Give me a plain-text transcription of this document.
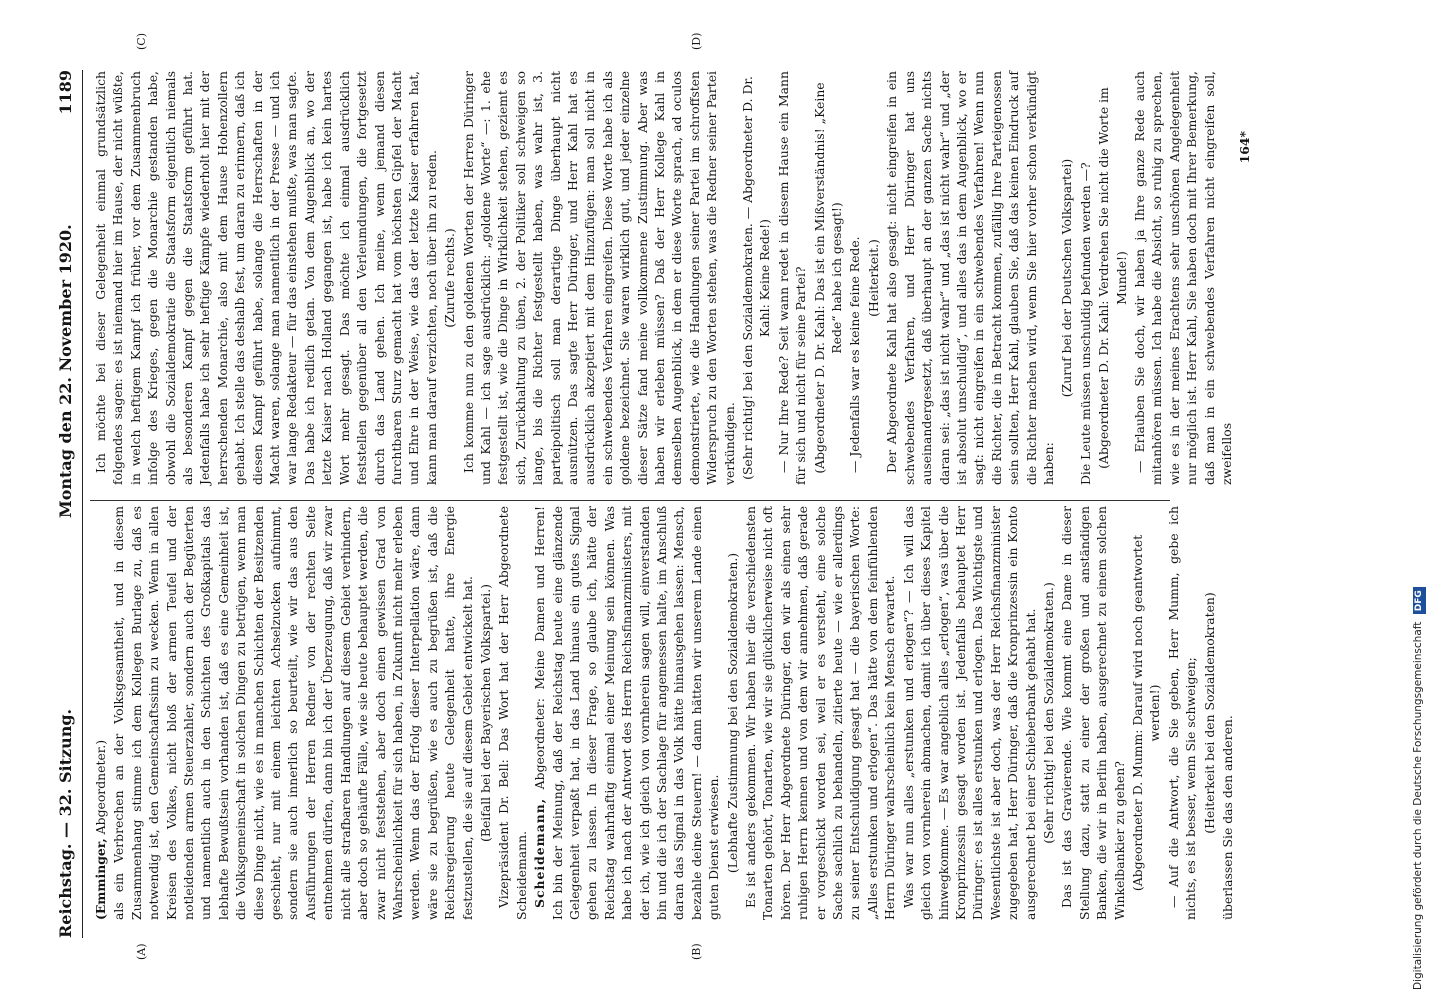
Reichstag. — 32. Sitzung.
Montag den 22. November 1920.
1189
(A)	(B)
(C)	(D)

(Emminger, Abgeordneter.) als ein Verbrechen an der Volksgesamtheit, und in diesem Zusammenhang stimme ich dem Kollegen Burlage zu, daß es notwendig ist, den Gemeinschaftssinn zu wecken. Wenn in allen Kreisen des Volkes, nicht bloß der armen Teufel und der notleidenden armen Steuerzahler, sondern auch der Begüterten und namentlich auch in den Schichten des Großkapitals das lebhafte Bewußtsein vorhanden ist, daß es eine Gemeinheit ist, die Volksgemeinschaft in solchen Dingen zu betrügen, wenn man diese Dinge nicht, wie es in manchen Schichten der Besitzenden geschieht, nur mit einem leichten Achselzucken aufnimmt, sondern sie auch innerlich so beurteilt, wie wir das aus den Ausführungen der Herren Redner von der rechten Seite entnehmen dürfen, dann bin ich der Überzeugung, daß wir zwar nicht alle strafbaren Handlungen auf diesem Gebiet verhindern, aber doch so gehäufte Fälle, wie sie heute behauptet werden, die zwar nicht feststehen, aber doch einen gewissen Grad von Wahrscheinlichkeit für sich haben, in Zukunft nicht mehr erleben werden. Wenn das der Erfolg dieser Interpellation wäre, dann wäre sie zu begrüßen, wie es auch zu begrüßen ist, daß die Reichsregierung heute Gelegenheit hatte, ihre Energie festzustellen, die sie auf diesem Gebiet entwickelt hat. (Beifall bei der Bayerischen Volkspartei.) Vizepräsident Dr. Bell: Das Wort hat der Herr Abgeordnete Scheidemann. Scheidemann, Abgeordneter: Meine Damen und Herren! Ich bin der Meinung, daß der Reichstag heute eine glänzende Gelegenheit verpaßt hat, in das Land hinaus ein gutes Signal gehen zu lassen. In dieser Frage, so glaube ich, hätte der Reichstag wahrhaftig einmal einer Meinung sein können. Was habe ich nach der Antwort des Herrn Reichsfinanzministers, mit der ich, wie ich gleich von vornherein sagen will, einverstanden bin und die ich der Sachlage für angemessen halte, im Anschluß daran das Signal in das Volk hätte hinausgehen lassen: Mensch, bezahle deine Steuern! — dann hätten wir unserem Lande einen guten Dienst erwiesen. (Lebhafte Zustimmung bei den Sozialdemokraten.) Es ist anders gekommen. Wir haben hier die verschiedensten Tonarten gehört, Tonarten, wie wir sie glücklicherweise nicht oft hören. Der Herr Abgeordnete Düringer, den wir als einen sehr ruhigen Herrn kennen und von dem wir annehmen, daß gerade er vorgeschickt worden sei, weil er es versteht, eine solche Sache sachlich zu behandeln, zitierte heute — wie er allerdings zu seiner Entschuldigung gesagt hat — die bayerischen Worte: „Alles erstunken und erlogen“. Das hätte von dem feinfühlenden Herrn Düringer wahrscheinlich kein Mensch erwartet. Was war nun alles „erstunken und erlogen“? — Ich will das gleich von vornherein abmachen, damit ich über dieses Kapitel hinwegkomme. — Es war angeblich alles „erlogen“, was über die Kronprinzessin gesagt worden ist. Jedenfalls behauptet Herr Düringer: es ist alles erstunken und erlogen. Das Wichtigste und Wesentlichste ist aber doch, was der Herr Reichsfinanzminister zugegeben hat, Herr Düringer, daß die Kronprinzessin ein Konto ausgerechnet bei einer Schieberbank gehabt hat. (Sehr richtig! bei den Sozialdemokraten.) Das ist das Gravierende. Wie kommt eine Dame in dieser Stellung dazu, statt zu einer der großen und anständigen Banken, die wir in Berlin haben, ausgerechnet zu einem solchen Winkelbankier zu gehen? (Abgeordneter D. Mumm: Darauf wird noch geantwortet werden!) — Auf die Antwort, die Sie geben, Herr Mumm, gebe ich nichts, es ist besser, wenn Sie schweigen; (Heiterkeit bei den Sozialdemokraten) überlassen Sie das den anderen.

Ich möchte bei dieser Gelegenheit einmal grundsätzlich folgendes sagen: es ist niemand hier im Hause, der nicht wüßte, in welch heftigem Kampf ich früher, vor dem Zusammenbruch infolge des Krieges, gegen die Monarchie gestanden habe, obwohl die Sozialdemokratie die Staatsform eigentlich niemals als besonderen Kampf gegen die Staatsform geführt hat. Jedenfalls habe ich sehr heftige Kämpfe wiederholt hier mit der herrschenden Monarchie, also mit dem Hause Hohenzollern gehabt. Ich stelle das deshalb fest, um daran zu erinnern, daß ich diesen Kampf geführt habe, solange die Herrschaften in der Macht waren, solange man namentlich in der Presse — und ich war lange Redakteur — für das einstehen mußte, was man sagte. Das habe ich redlich getan. Von dem Augenblick an, wo der letzte Kaiser nach Holland gegangen ist, habe ich kein hartes Wort mehr gesagt. Das möchte ich einmal ausdrücklich feststellen gegenüber all den Verleumdungen, die fortgesetzt durch das Land gehen. Ich meine, wenn jemand diesen furchtbaren Sturz gemacht hat vom höchsten Gipfel der Macht und Ehre in der Weise, wie das der letzte Kaiser erfahren hat, kann man darauf verzichten, noch über ihn zu reden. (Zurufe rechts.) Ich komme nun zu den goldenen Worten der Herren Düringer und Kahl — ich sage ausdrücklich: „goldene Worte“ —: 1. ehe festgestellt ist, wie die Dinge in Wirklichkeit stehen, geziemt es sich, Zurückhaltung zu üben, 2. der Politiker soll schweigen so lange, bis die Richter festgestellt haben, was wahr ist, 3. parteipolitisch soll man derartige Dinge überhaupt nicht ausnützen. Das sagte Herr Düringer, und Herr Kahl hat es ausdrücklich akzeptiert mit dem Hinzufügen: man soll nicht in ein schwebendes Verfahren eingreifen. Diese Worte habe ich als goldene bezeichnet. Sie waren wirklich gut, und jeder einzelne dieser Sätze fand meine vollkommene Zustimmung. Aber was haben wir erleben müssen? Daß der Herr Kollege Kahl in demselben Augenblick, in dem er diese Worte sprach, ad oculos demonstrierte, wie die Handlungen seiner Partei im schroffsten Widerspruch zu den Worten stehen, was die Redner seiner Partei verkündigen. (Sehr richtig! bei den Sozialdemokraten. — Abgeordneter D. Dr. Kahl: Keine Rede!) — Nur Ihre Rede? Seit wann redet in diesem Hause ein Mann für sich und nicht für seine Partei? (Abgeordneter D. Dr. Kahl: Das ist ein Mißverständnis! „Keine Rede“ habe ich gesagt!) — Jedenfalls war es keine feine Rede. (Heiterkeit.) Der Abgeordnete Kahl hat also gesagt: nicht eingreifen in ein schwebendes Verfahren, und Herr Düringer hat uns auseinandergesetzt, daß überhaupt an der ganzen Sache nichts daran sei: „das ist nicht wahr“ und „das ist nicht wahr“ und „der ist absolut unschuldig“, und alles das in dem Augenblick, wo er sagt: nicht eingreifen in ein schwebendes Verfahren! Wenn nun die Richter, die in Betracht kommen, zufällig Ihre Parteigenossen sein sollten, Herr Kahl, glauben Sie, daß das keinen Eindruck auf die Richter machen wird, wenn Sie hier vorher schon verkündigt haben:

(Zuruf bei der Deutschen Volkspartei) Die Leute müssen unschuldig befunden werden —? (Abgeordneter D. Dr. Kahl: Verdrehen Sie nicht die Worte im Munde!) — Erlauben Sie doch, wir haben ja Ihre ganze Rede auch mitanhören müssen. Ich habe die Absicht, so ruhig zu sprechen, wie es in der meines Erachtens sehr unschönen Angelegenheit nur möglich ist. Herr Kahl, Sie haben doch mit Ihrer Bemerkung, daß man in ein schwebendes Verfahren nicht eingreifen soll, zweifellos

164*

Digitalisierung gefördert durch die Deutsche Forschungsgemeinschaft DFG
